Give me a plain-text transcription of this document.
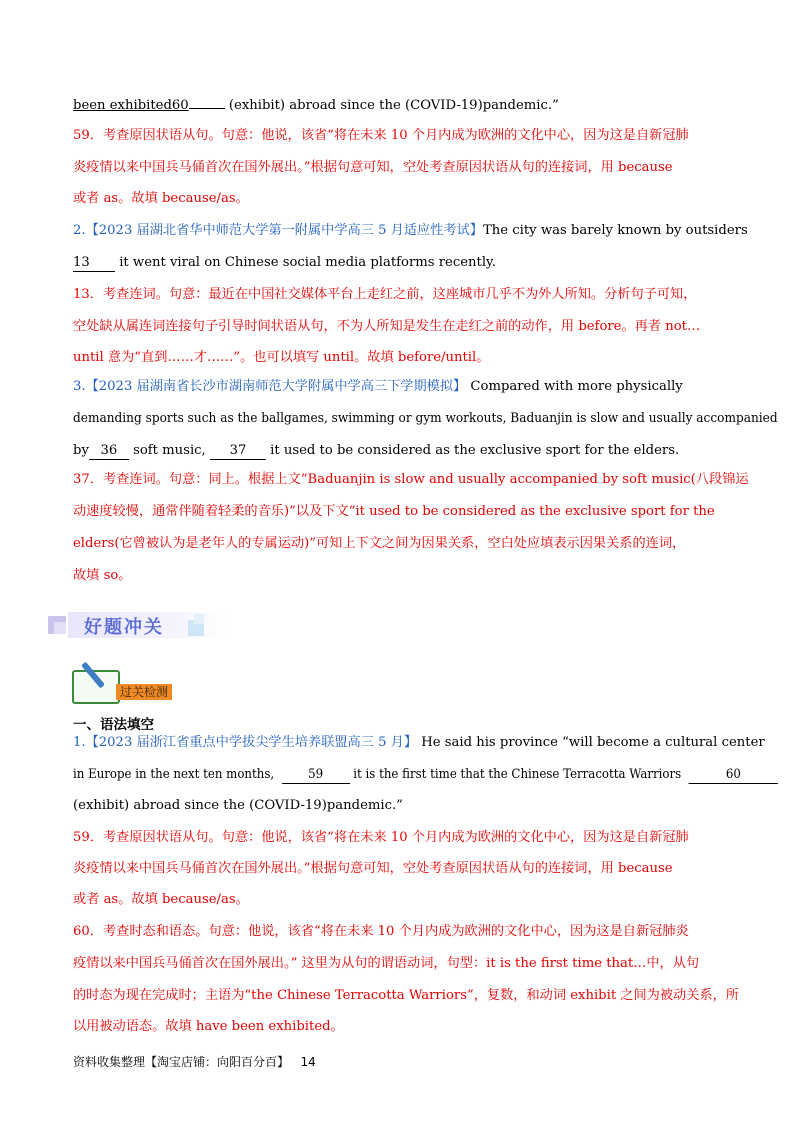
been exhibited60	(exhibit) abroad since the (COVID-19)pandemic.”
59．考查原因状语从句。句意：他说，该省“将在未来 10 个月内成为欧洲的文化中心，因为这是自新冠肺
炎疫情以来中国兵马俑首次在国外展出。”根据句意可知，空处考查原因状语从句的连接词，用 because
或者 as。故填 because/as。
2.【2023 届湖北省华中师范大学第一附属中学高三 5 月适应性考试】The city was barely known by outsiders
13 it went viral on Chinese social media platforms recently.
13．考查连词。句意：最近在中国社交媒体平台上走红之前，这座城市几乎不为外人所知。分析句子可知，
空处缺从属连词连接句子引导时间状语从句，不为人所知是发生在走红之前的动作，用 before。再者 not…
until 意为“直到……才……”。也可以填写 until。故填 before/until。
3.【2023 届湖南省长沙市湖南师范大学附属中学高三下学期模拟】 Compared with more physically
demanding sports such as the ballgames, swimming or gym workouts, Baduanjin is slow and usually accompanied
by 36 soft music, 37 it used to be considered as the exclusive sport for the elders.
37．考查连词。句意：同上。根据上文“Baduanjin is slow and usually accompanied by soft music(八段锦运
动速度较慢，通常伴随着轻柔的音乐)”以及下文“it used to be considered as the exclusive sport for the
elders(它曾被认为是老年人的专属运动)”可知上下文之间为因果关系，空白处应填表示因果关系的连词，
故填 so。
好题冲关
过关检测
一、语法填空
1.【2023 届浙江省重点中学拔尖学生培养联盟高三 5 月】 He said his province “will become a cultural center
in Europe in the next ten months,	59 it is the first time that the Chinese Terracotta Warriors	60
(exhibit) abroad since the (COVID-19)pandemic.”
59．考查原因状语从句。句意：他说，该省“将在未来 10 个月内成为欧洲的文化中心，因为这是自新冠肺
炎疫情以来中国兵马俑首次在国外展出。”根据句意可知，空处考查原因状语从句的连接词，用 because
或者 as。故填 because/as。
60．考查时态和语态。句意：他说，该省“将在未来 10 个月内成为欧洲的文化中心，因为这是自新冠肺炎
疫情以来中国兵马俑首次在国外展出。” 这里为从句的谓语动词，句型：it is the first time that…中，从句
的时态为现在完成时；主语为“the Chinese Terracotta Warriors”，复数，和动词 exhibit 之间为被动关系，所
以用被动语态。故填 have been exhibited。
资料收集整理【淘宝店铺：向阳百分百】 14
